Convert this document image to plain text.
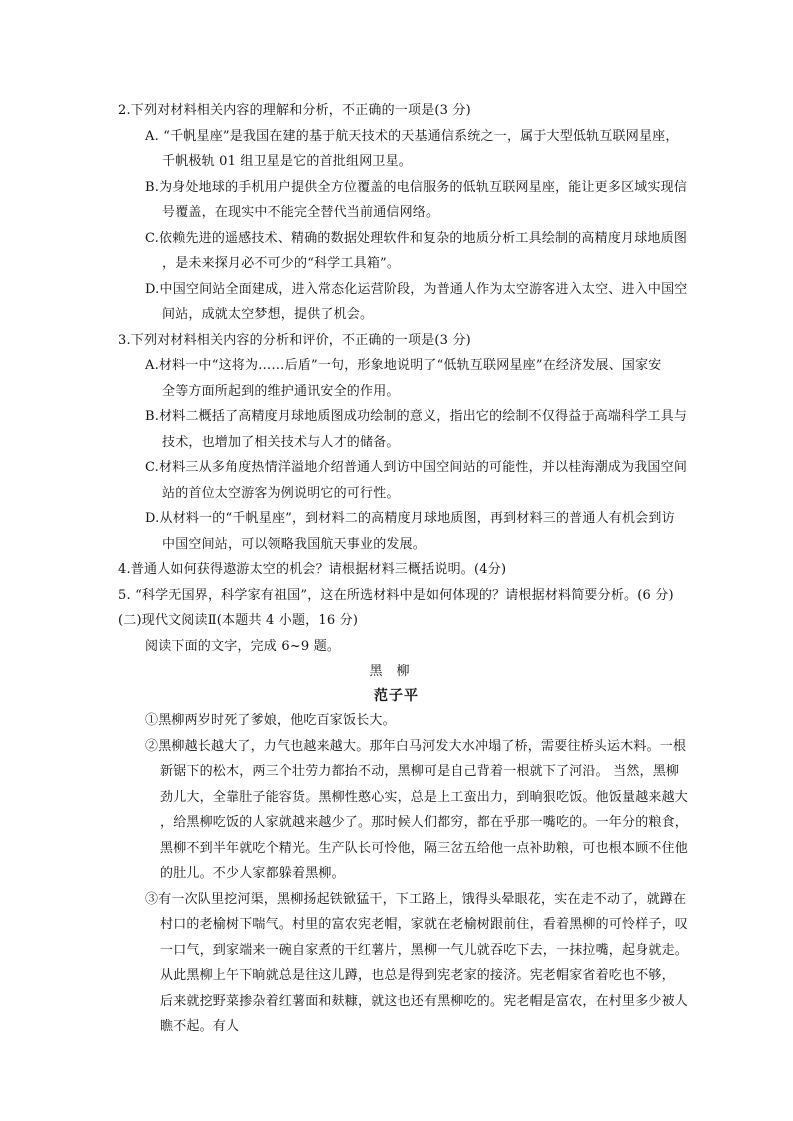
2.下列对材料相关内容的理解和分析，不正确的一项是(3 分)
A. “千帆星座”是我国在建的基于航天技术的天基通信系统之一，属于大型低轨互联网星座，
千帆极轨 01 组卫星是它的首批组网卫星。
B.为身处地球的手机用户提供全方位覆盖的电信服务的低轨互联网星座，能让更多区域实现信
号覆盖，在现实中不能完全替代当前通信网络。
C.依赖先进的遥感技术、精确的数据处理软件和复杂的地质分析工具绘制的高精度月球地质图
，是未来探月必不可少的“科学工具箱”。
D.中国空间站全面建成，进入常态化运营阶段，为普通人作为太空游客进入太空、进入中国空
间站，成就太空梦想，提供了机会。
3.下列对材料相关内容的分析和评价，不正确的一项是(3 分)
A.材料一中“这将为……后盾”一句，形象地说明了“低轨互联网星座”在经济发展、国家安
全等方面所起到的维护通讯安全的作用。
B.材料二概括了高精度月球地质图成功绘制的意义，指出它的绘制不仅得益于高端科学工具与
技术，也增加了相关技术与人才的储备。
C.材料三从多角度热情洋溢地介绍普通人到访中国空间站的可能性，并以桂海潮成为我国空间
站的首位太空游客为例说明它的可行性。
D.从材料一的“千帆星座”，到材料二的高精度月球地质图，再到材料三的普通人有机会到访
中国空间站，可以领略我国航天事业的发展。
4.普通人如何获得遨游太空的机会？请根据材料三概括说明。(4分)
5. “科学无国界，科学家有祖国”，这在所选材料中是如何体现的？请根据材料简要分析。(6 分)
(二)现代文阅读Ⅱ(本题共 4 小题，16 分)
阅读下面的文字，完成 6~9 题。
黑柳
范子平
①黑柳两岁时死了爹娘，他吃百家饭长大。
②黑柳越长越大了，力气也越来越大。那年白马河发大水冲塌了桥，需要往桥头运木料。一根
新锯下的松木，两三个壮劳力都抬不动，黑柳可是自己背着一根就下了河沿。 当然，黑柳
劲儿大，全靠肚子能容货。黑柳性憨心实，总是上工蛮出力，到晌狠吃饭。他饭量越来越大
，给黑柳吃饭的人家就越来越少了。那时候人们都穷，都在乎那一嘴吃的。一年分的粮食，
黑柳不到半年就吃个精光。生产队长可怜他，隔三岔五给他一点补助粮，可也根本顾不住他
的肚儿。不少人家都躲着黑柳。
③有一次队里挖河渠，黑柳扬起铁锨猛干，下工路上，饿得头晕眼花，实在走不动了，就蹲在
村口的老榆树下喘气。村里的富农宪老帽，家就在老榆树跟前住，看着黑柳的可怜样子，叹
一口气，到家端来一碗自家煮的干红薯片，黑柳一气儿就吞吃下去，一抹拉嘴，起身就走。
从此黑柳上午下晌就总是往这儿蹲，也总是得到宪老家的接济。宪老帽家省着吃也不够，
后来就挖野菜掺杂着红薯面和麸糠，就这也还有黑柳吃的。宪老帽是富农，在村里多少被人
瞧不起。有人
